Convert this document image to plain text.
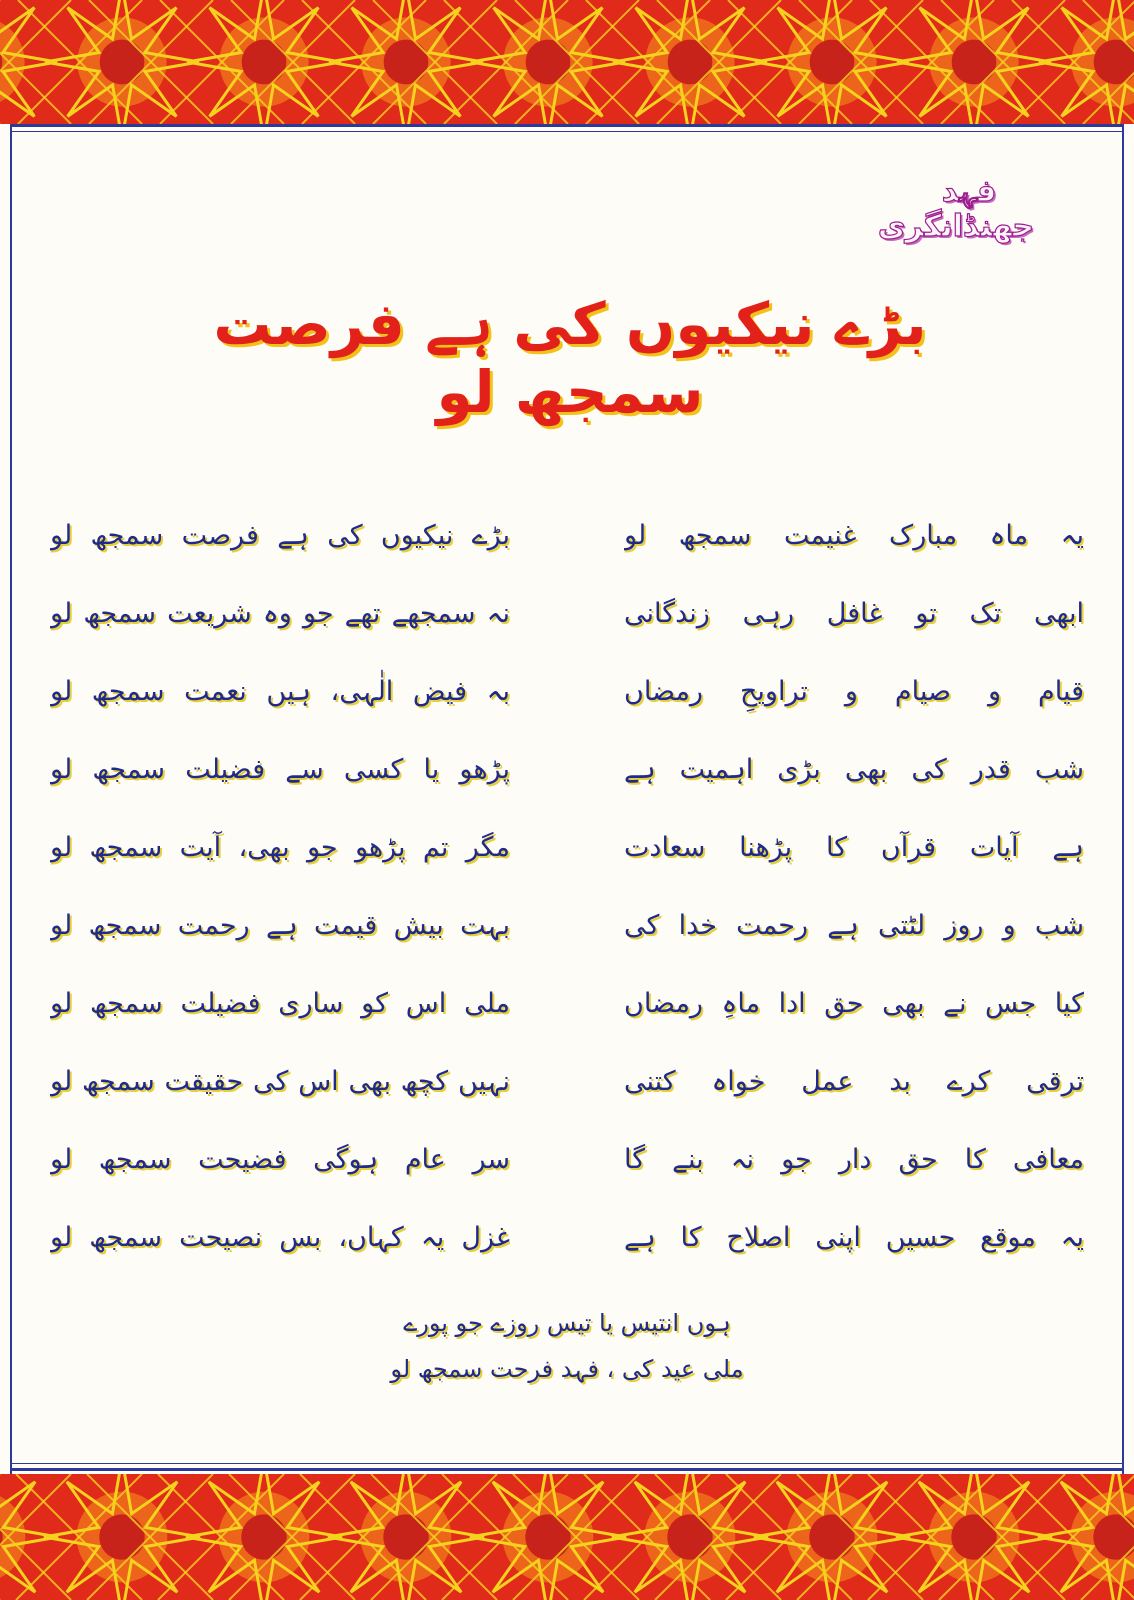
فہد جھنڈانگری
بڑے نیکیوں کی ہے فرصت سمجھ لو
یہ ماہ مبارک غنیمت سمجھ لو
بڑے نیکیوں کی ہے فرصت سمجھ لو
ابھی تک تو غافل رہی زندگانی
نہ سمجھے تھے جو وہ شریعت سمجھ لو
قیام و صیام و تراویحِ رمضاں
بہ فیض الٰہی، ہیں نعمت سمجھ لو
شب قدر کی بھی بڑی اہمیت ہے
پڑھو یا کسی سے فضیلت سمجھ لو
ہے آیات قرآں کا پڑھنا سعادت
مگر تم پڑھو جو بھی، آیت سمجھ لو
شب و روز لٹتی ہے رحمت خدا کی
بہت بیش قیمت ہے رحمت سمجھ لو
کیا جس نے بھی حق ادا ماہِ رمضاں
ملی اس کو ساری فضیلت سمجھ لو
ترقی کرے بد عمل خواہ کتنی
نہیں کچھ بھی اس کی حقیقت سمجھ لو
معافی کا حق دار جو نہ بنے گا
سر عام ہوگی فضیحت سمجھ لو
یہ موقع حسیں اپنی اصلاح کا ہے
غزل یہ کہاں، بس نصیحت سمجھ لو
ہوں انتیس یا تیس روزے جو پورے
ملی عید کی ، فہد فرحت سمجھ لو
